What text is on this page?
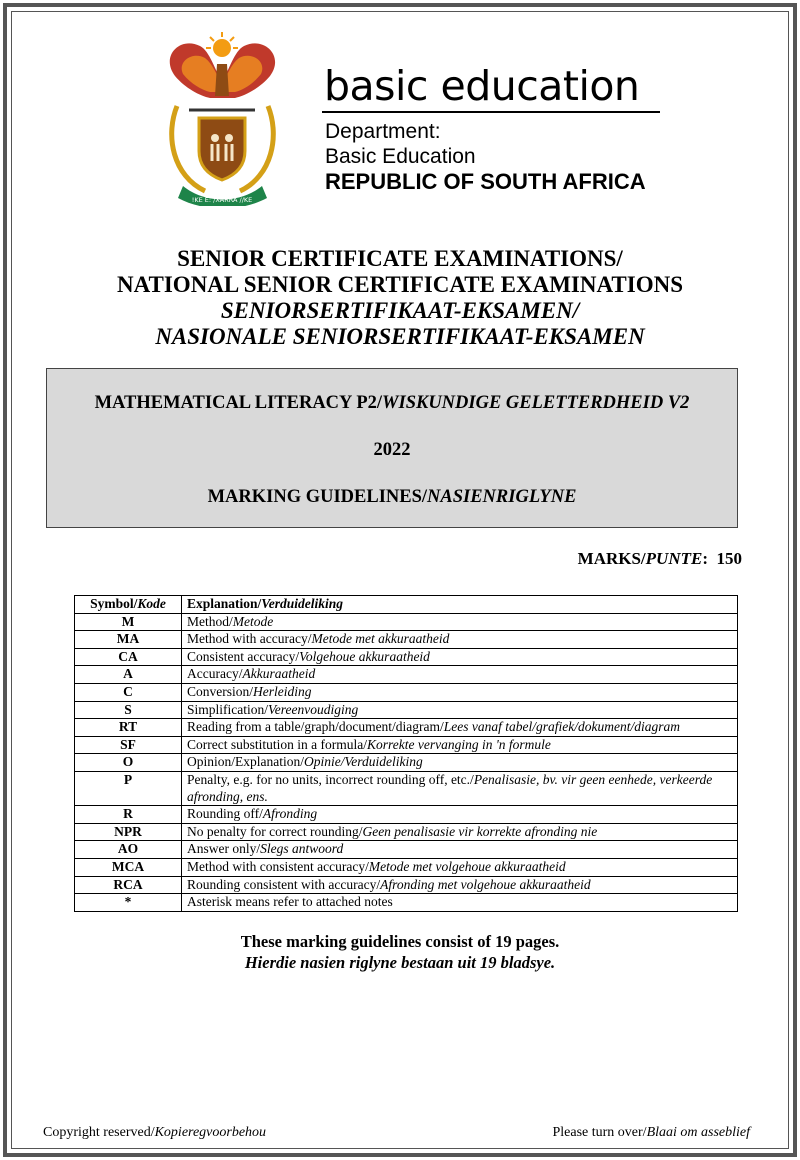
!KE E: /XARRA //KE
basic education
Department:
Basic Education
REPUBLIC OF SOUTH AFRICA
SENIOR CERTIFICATE EXAMINATIONS/
NATIONAL SENIOR CERTIFICATE EXAMINATIONS
SENIORSERTIFIKAAT-EKSAMEN/
NASIONALE SENIORSERTIFIKAAT-EKSAMEN
MATHEMATICAL LITERACY P2/WISKUNDIGE GELETTERDHEID V2
2022
MARKING GUIDELINES/NASIENRIGLYNE
MARKS/PUNTE:  150
Symbol/Kode	Explanation/Verduideliking
M	Method/Metode
MA	Method with accuracy/Metode met akkuraatheid
CA	Consistent accuracy/Volgehoue akkuraatheid
A	Accuracy/Akkuraatheid
C	Conversion/Herleiding
S	Simplification/Vereenvoudiging
RT	Reading from a table/graph/document/diagram/Lees vanaf tabel/grafiek/dokument/diagram
SF	Correct substitution in a formula/Korrekte vervanging in 'n formule
O	Opinion/Explanation/Opinie/Verduideliking
P	Penalty, e.g. for no units, incorrect rounding off, etc./Penalisasie, bv. vir geen eenhede, verkeerde afronding, ens.
R	Rounding off/Afronding
NPR	No penalty for correct rounding/Geen penalisasie vir korrekte afronding nie
AO	Answer only/Slegs antwoord
MCA	Method with consistent accuracy/Metode met volgehoue akkuraatheid
RCA	Rounding consistent with accuracy/Afronding met volgehoue akkuraatheid
*	Asterisk means refer to attached notes
These marking guidelines consist of 19 pages.
Hierdie nasien riglyne bestaan uit 19 bladsye.
Copyright reserved/Kopieregvoorbehou	Please turn over/Blaai om asseblief
